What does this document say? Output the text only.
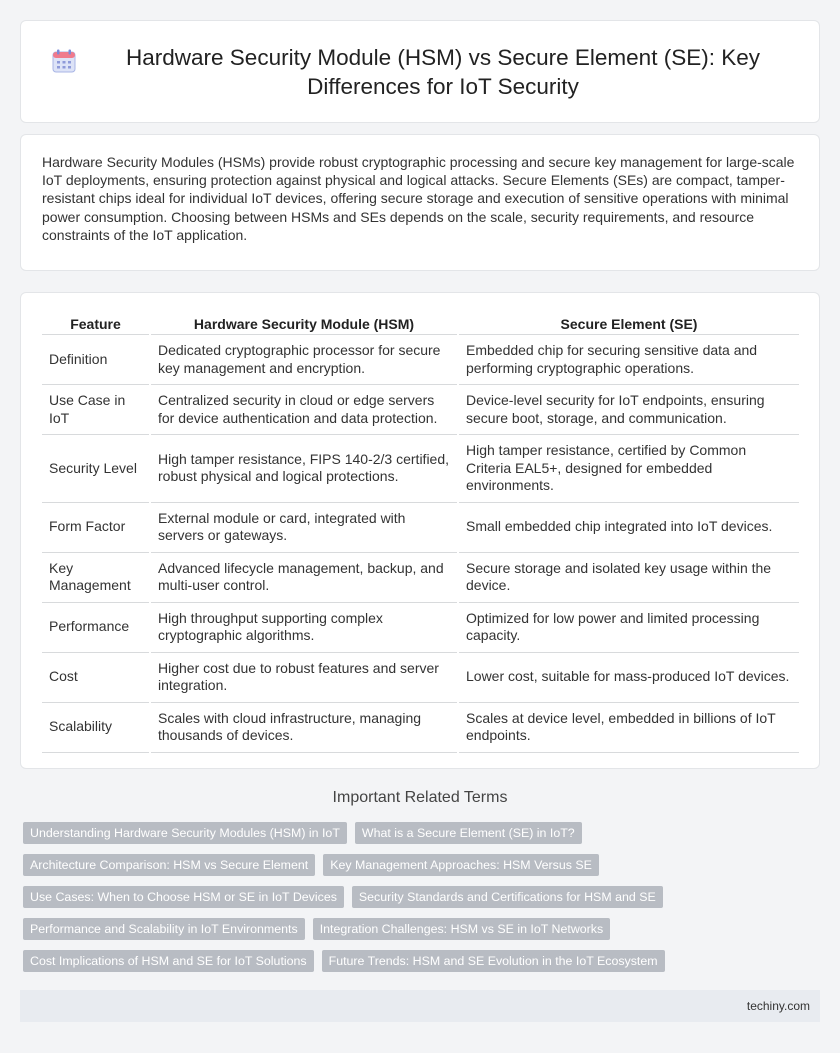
Hardware Security Module (HSM) vs Secure Element (SE): Key Differences for IoT Security

Hardware Security Modules (HSMs) provide robust cryptographic processing and secure key management for large-scale IoT deployments, ensuring protection against physical and logical attacks. Secure Elements (SEs) are compact, tamper-resistant chips ideal for individual IoT devices, offering secure storage and execution of sensitive operations with minimal power consumption. Choosing between HSMs and SEs depends on the scale, security requirements, and resource constraints of the IoT application.

Feature	Hardware Security Module (HSM)	Secure Element (SE)
Definition	Dedicated cryptographic processor for secure key management and encryption.	Embedded chip for securing sensitive data and performing cryptographic operations.
Use Case in IoT	Centralized security in cloud or edge servers for device authentication and data protection.	Device-level security for IoT endpoints, ensuring secure boot, storage, and communication.
Security Level	High tamper resistance, FIPS 140-2/3 certified, robust physical and logical protections.	High tamper resistance, certified by Common Criteria EAL5+, designed for embedded environments.
Form Factor	External module or card, integrated with servers or gateways.	Small embedded chip integrated into IoT devices.
Key Management	Advanced lifecycle management, backup, and multi-user control.	Secure storage and isolated key usage within the device.
Performance	High throughput supporting complex cryptographic algorithms.	Optimized for low power and limited processing capacity.
Cost	Higher cost due to robust features and server integration.	Lower cost, suitable for mass-produced IoT devices.
Scalability	Scales with cloud infrastructure, managing thousands of devices.	Scales at device level, embedded in billions of IoT endpoints.
Important Related Terms
Understanding Hardware Security Modules (HSM) in IoT	What is a Secure Element (SE) in IoT?
Architecture Comparison: HSM vs Secure Element	Key Management Approaches: HSM Versus SE
Use Cases: When to Choose HSM or SE in IoT Devices	Security Standards and Certifications for HSM and SE
Performance and Scalability in IoT Environments	Integration Challenges: HSM vs SE in IoT Networks
Cost Implications of HSM and SE for IoT Solutions	Future Trends: HSM and SE Evolution in the IoT Ecosystem
techiny.com
